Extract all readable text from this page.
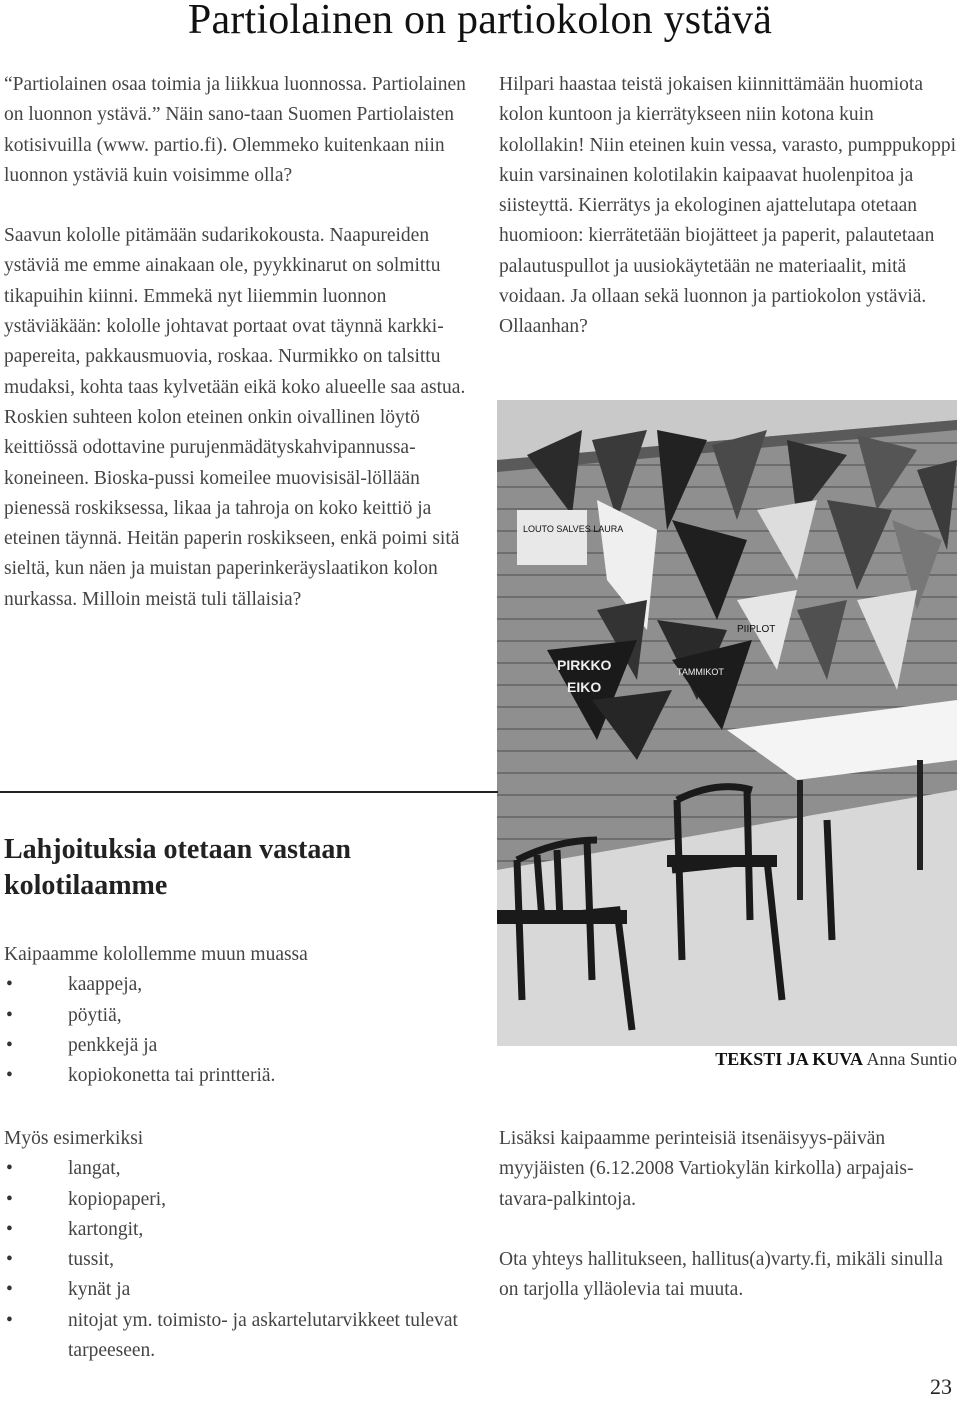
Partiolainen on partiokolon ystävä

“Partiolainen osaa toimia ja liikkua luonnossa. Partiolainen on luonnon ystävä.” Näin sano-taan Suomen Partiolaisten kotisivuilla (www. partio.fi). Olemmeko kuitenkaan niin luonnon ystäviä kuin voisimme olla?

Saavun kololle pitämään sudarikokousta. Naapureiden ystäviä me emme ainakaan ole, pyykkinarut on solmittu tikapuihin kiinni. Emmekä nyt liiemmin luonnon ystäviäkään: kololle johtavat portaat ovat täynnä karkki-papereita, pakkausmuovia, roskaa. Nurmikko on talsittu mudaksi, kohta taas kylvetään eikä koko alueelle saa astua. Roskien suhteen kolon eteinen onkin oivallinen löytö keittiössä odottavine purujenmädätyskahvipannussa-koneineen. Bioska-pussi komeilee muovisisäl-löllään pienessä roskiksessa, likaa ja tahroja on koko keittiö ja eteinen täynnä. Heitän paperin roskikseen, enkä poimi sitä sieltä, kun näen ja muistan paperinkeräyslaatikon kolon nurkassa. Milloin meistä tuli tällaisia?

Hilpari haastaa teistä jokaisen kiinnittämään huomiota kolon kuntoon ja kierrätykseen niin kotona kuin kolollakin! Niin eteinen kuin vessa, varasto, pumppukoppi kuin varsinainen kolotilakin kaipaavat huolenpitoa ja siisteyttä. Kierrätys ja ekologinen ajattelutapa otetaan huomioon: kierrätetään biojätteet ja paperit, palautetaan palautuspullot ja uusiokäytetään ne materiaalit, mitä voidaan. Ja ollaan sekä luonnon ja partiokolon ystäviä. Ollaanhan?

LOUTO SALVES LAURA
PIRKKO
EIKO
PIIPLOT
TAMMIKOT
TEKSTI JA KUVA Anna Suntio
Lahjoituksia otetaan vastaan kolotilaamme
Kaipaamme kolollemme muun muassa
•	kaappeja,
•	pöytiä,
•	penkkejä ja
•	kopiokonetta tai printteriä.
Myös esimerkiksi
•	langat,
•	kopiopaperi,
•	kartongit,
•	tussit,
•	kynät ja
•	nitojat ym. toimisto- ja askartelutarvikkeet tulevat tarpeeseen.

Lisäksi kaipaamme perinteisiä itsenäisyys-päivän myyjäisten (6.12.2008 Vartiokylän kirkolla) arpajais-tavara-palkintoja.

Ota yhteys hallitukseen, hallitus(a)varty.fi, mikäli sinulla on tarjolla ylläolevia tai muuta.

23
